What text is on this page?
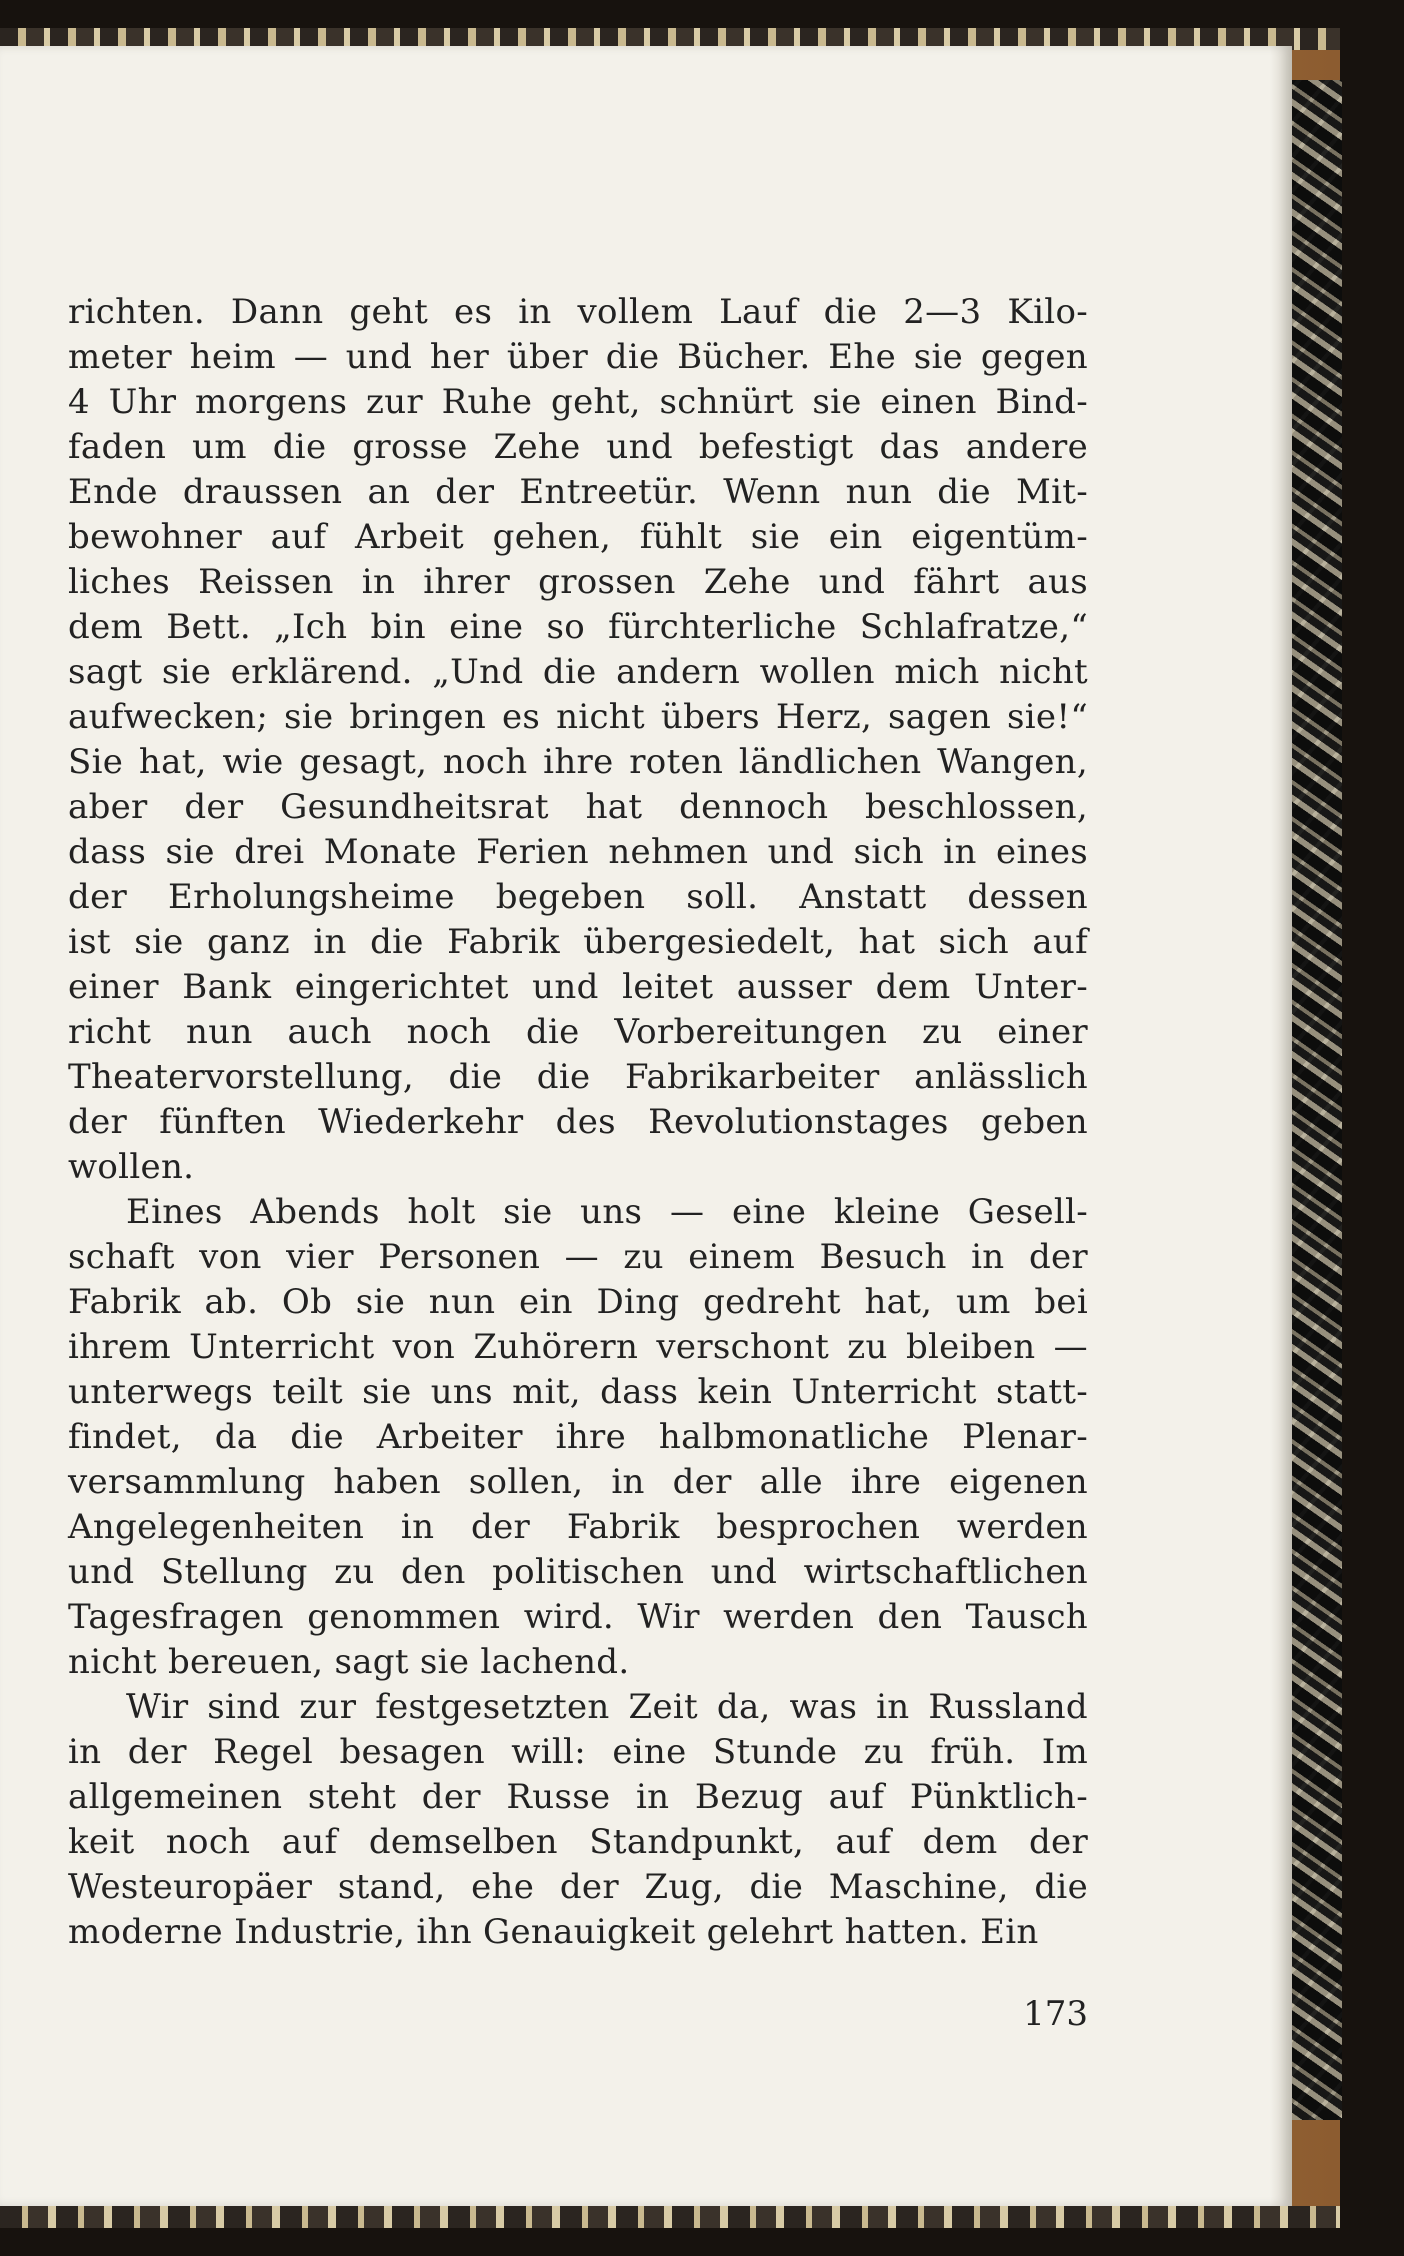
richten. Dann geht es in vollem Lauf die 2—3 Kilo-
meter heim — und her über die Bücher. Ehe sie gegen
4 Uhr morgens zur Ruhe geht, schnürt sie einen Bind-
faden um die grosse Zehe und befestigt das andere
Ende draussen an der Entreetür. Wenn nun die Mit-
bewohner auf Arbeit gehen, fühlt sie ein eigentüm-
liches Reissen in ihrer grossen Zehe und fährt aus
dem Bett. „Ich bin eine so fürchterliche Schlafratze,“
sagt sie erklärend. „Und die andern wollen mich nicht
aufwecken; sie bringen es nicht übers Herz, sagen sie!“
Sie hat, wie gesagt, noch ihre roten ländlichen Wangen,
aber der Gesundheitsrat hat dennoch beschlossen,
dass sie drei Monate Ferien nehmen und sich in eines
der Erholungsheime begeben soll. Anstatt dessen
ist sie ganz in die Fabrik übergesiedelt, hat sich auf
einer Bank eingerichtet und leitet ausser dem Unter-
richt nun auch noch die Vorbereitungen zu einer
Theatervorstellung, die die Fabrikarbeiter anlässlich
der fünften Wiederkehr des Revolutionstages geben
wollen.
Eines Abends holt sie uns — eine kleine Gesell-
schaft von vier Personen — zu einem Besuch in der
Fabrik ab. Ob sie nun ein Ding gedreht hat, um bei
ihrem Unterricht von Zuhörern verschont zu bleiben —
unterwegs teilt sie uns mit, dass kein Unterricht statt-
findet, da die Arbeiter ihre halbmonatliche Plenar-
versammlung haben sollen, in der alle ihre eigenen
Angelegenheiten in der Fabrik besprochen werden
und Stellung zu den politischen und wirtschaftlichen
Tagesfragen genommen wird. Wir werden den Tausch
nicht bereuen, sagt sie lachend.
Wir sind zur festgesetzten Zeit da, was in Russland
in der Regel besagen will: eine Stunde zu früh. Im
allgemeinen steht der Russe in Bezug auf Pünktlich-
keit noch auf demselben Standpunkt, auf dem der
Westeuropäer stand, ehe der Zug, die Maschine, die
moderne Industrie, ihn Genauigkeit gelehrt hatten. Ein
173
